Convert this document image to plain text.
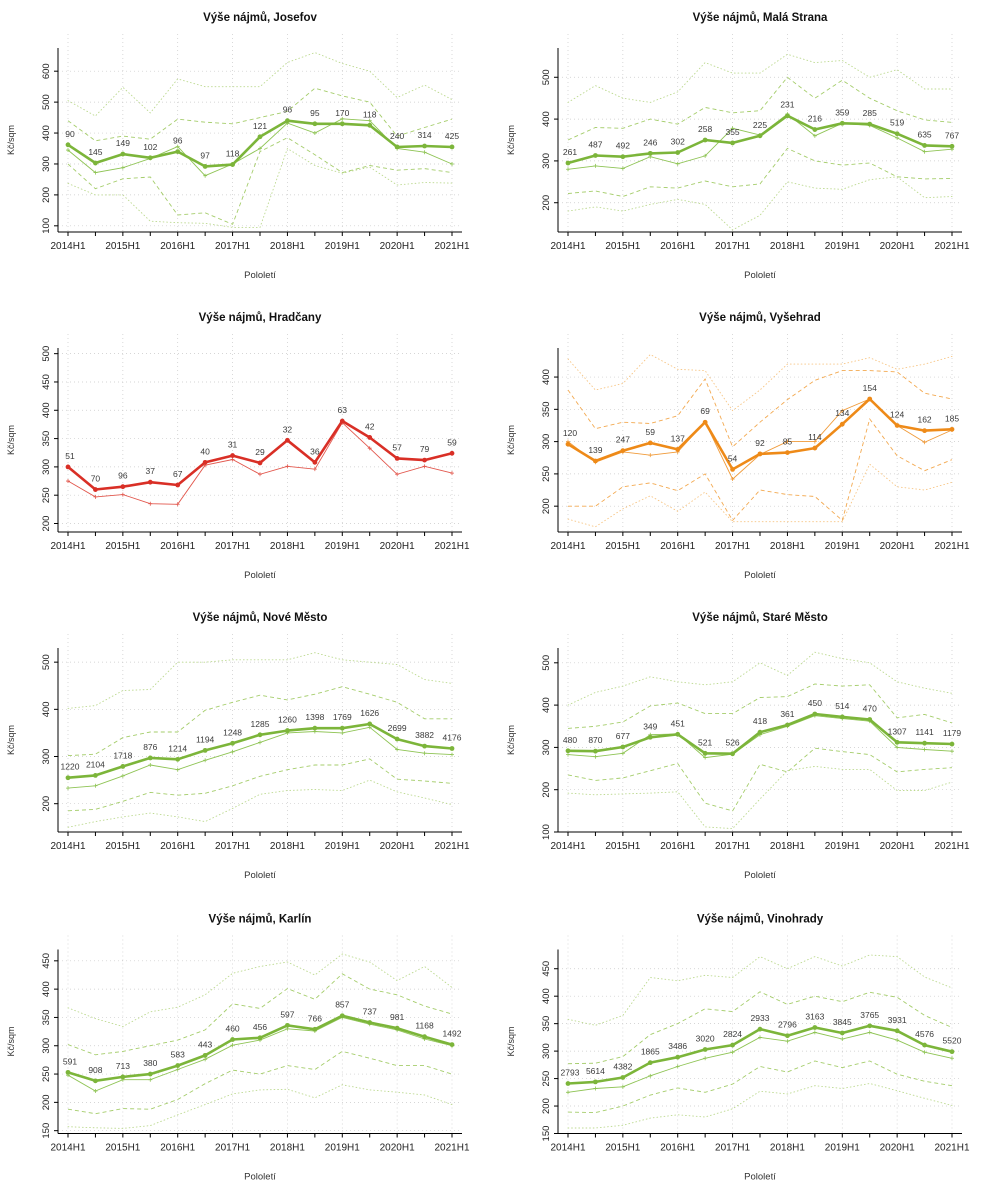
Výše nájmů, Josefov
100
200
300
400
500
600
Kč/sqm
2014H1 2015H1 2016H1 2017H1 2018H1 2019H1 2020H1 2021H1
Pololetí
90
145
149 102
96
97 118
121
96 95 170 118
240 314 425
Výše nájmů, Malá Strana
200
300
400
500
Kč/sqm
2014H1 2015H1 2016H1 2017H1 2018H1 2019H1 2020H1 2021H1
Pololetí
261
487 492 246 302
258 355
225
231
216
359 285
519
635 767
Výše nájmů, Hradčany
200
250
300
350
400
450
500
Kč/sqm
2014H1 2015H1 2016H1 2017H1 2018H1 2019H1 2020H1 2021H1
Pololetí
51
70 96 37 67
40
31
29
32
36
63
42
57 79
59
Výše nájmů, Vyšehrad
200
250
300
350
400
Kč/sqm
2014H1 2015H1 2016H1 2017H1 2018H1 2019H1 2020H1 2021H1
Pololetí
120
139
247
59
137
69
54
92 85 114
134
154
124
162 185
Výše nájmů, Nové Město
200
300
400
500
Kč/sqm
2014H1 2015H1 2016H1 2017H1 2018H1 2019H1 2020H1 2021H1
Pololetí
1220 2104
1718
876 1214
1194
1248
1285 1260 1398 1769 1626
2699
3882 4176
Výše nájmů, Staré Město
100
200
300
400
500
Kč/sqm
2014H1 2015H1 2016H1 2017H1 2018H1 2019H1 2020H1 2021H1
Pololetí
480 870 677
349 451
521 526
418
361
450 514 470
1307 1141 1179
Výše nájmů, Karlín
150
200
250
300
350
400
450
Kč/sqm
2014H1 2015H1 2016H1 2017H1 2018H1 2019H1 2020H1 2021H1
Pololetí
591
908 713 380
583
443
460 456
597 766
857
737
981
1168
1492
Výše nájmů, Vinohrady
150
200
250
300
350
400
450
Kč/sqm
2014H1 2015H1 2016H1 2017H1 2018H1 2019H1 2020H1 2021H1
Pololetí
2793 5614 4382
1865
3486
3020 2824
2933
2796
3163
3845
3765 3931
4576
5520
